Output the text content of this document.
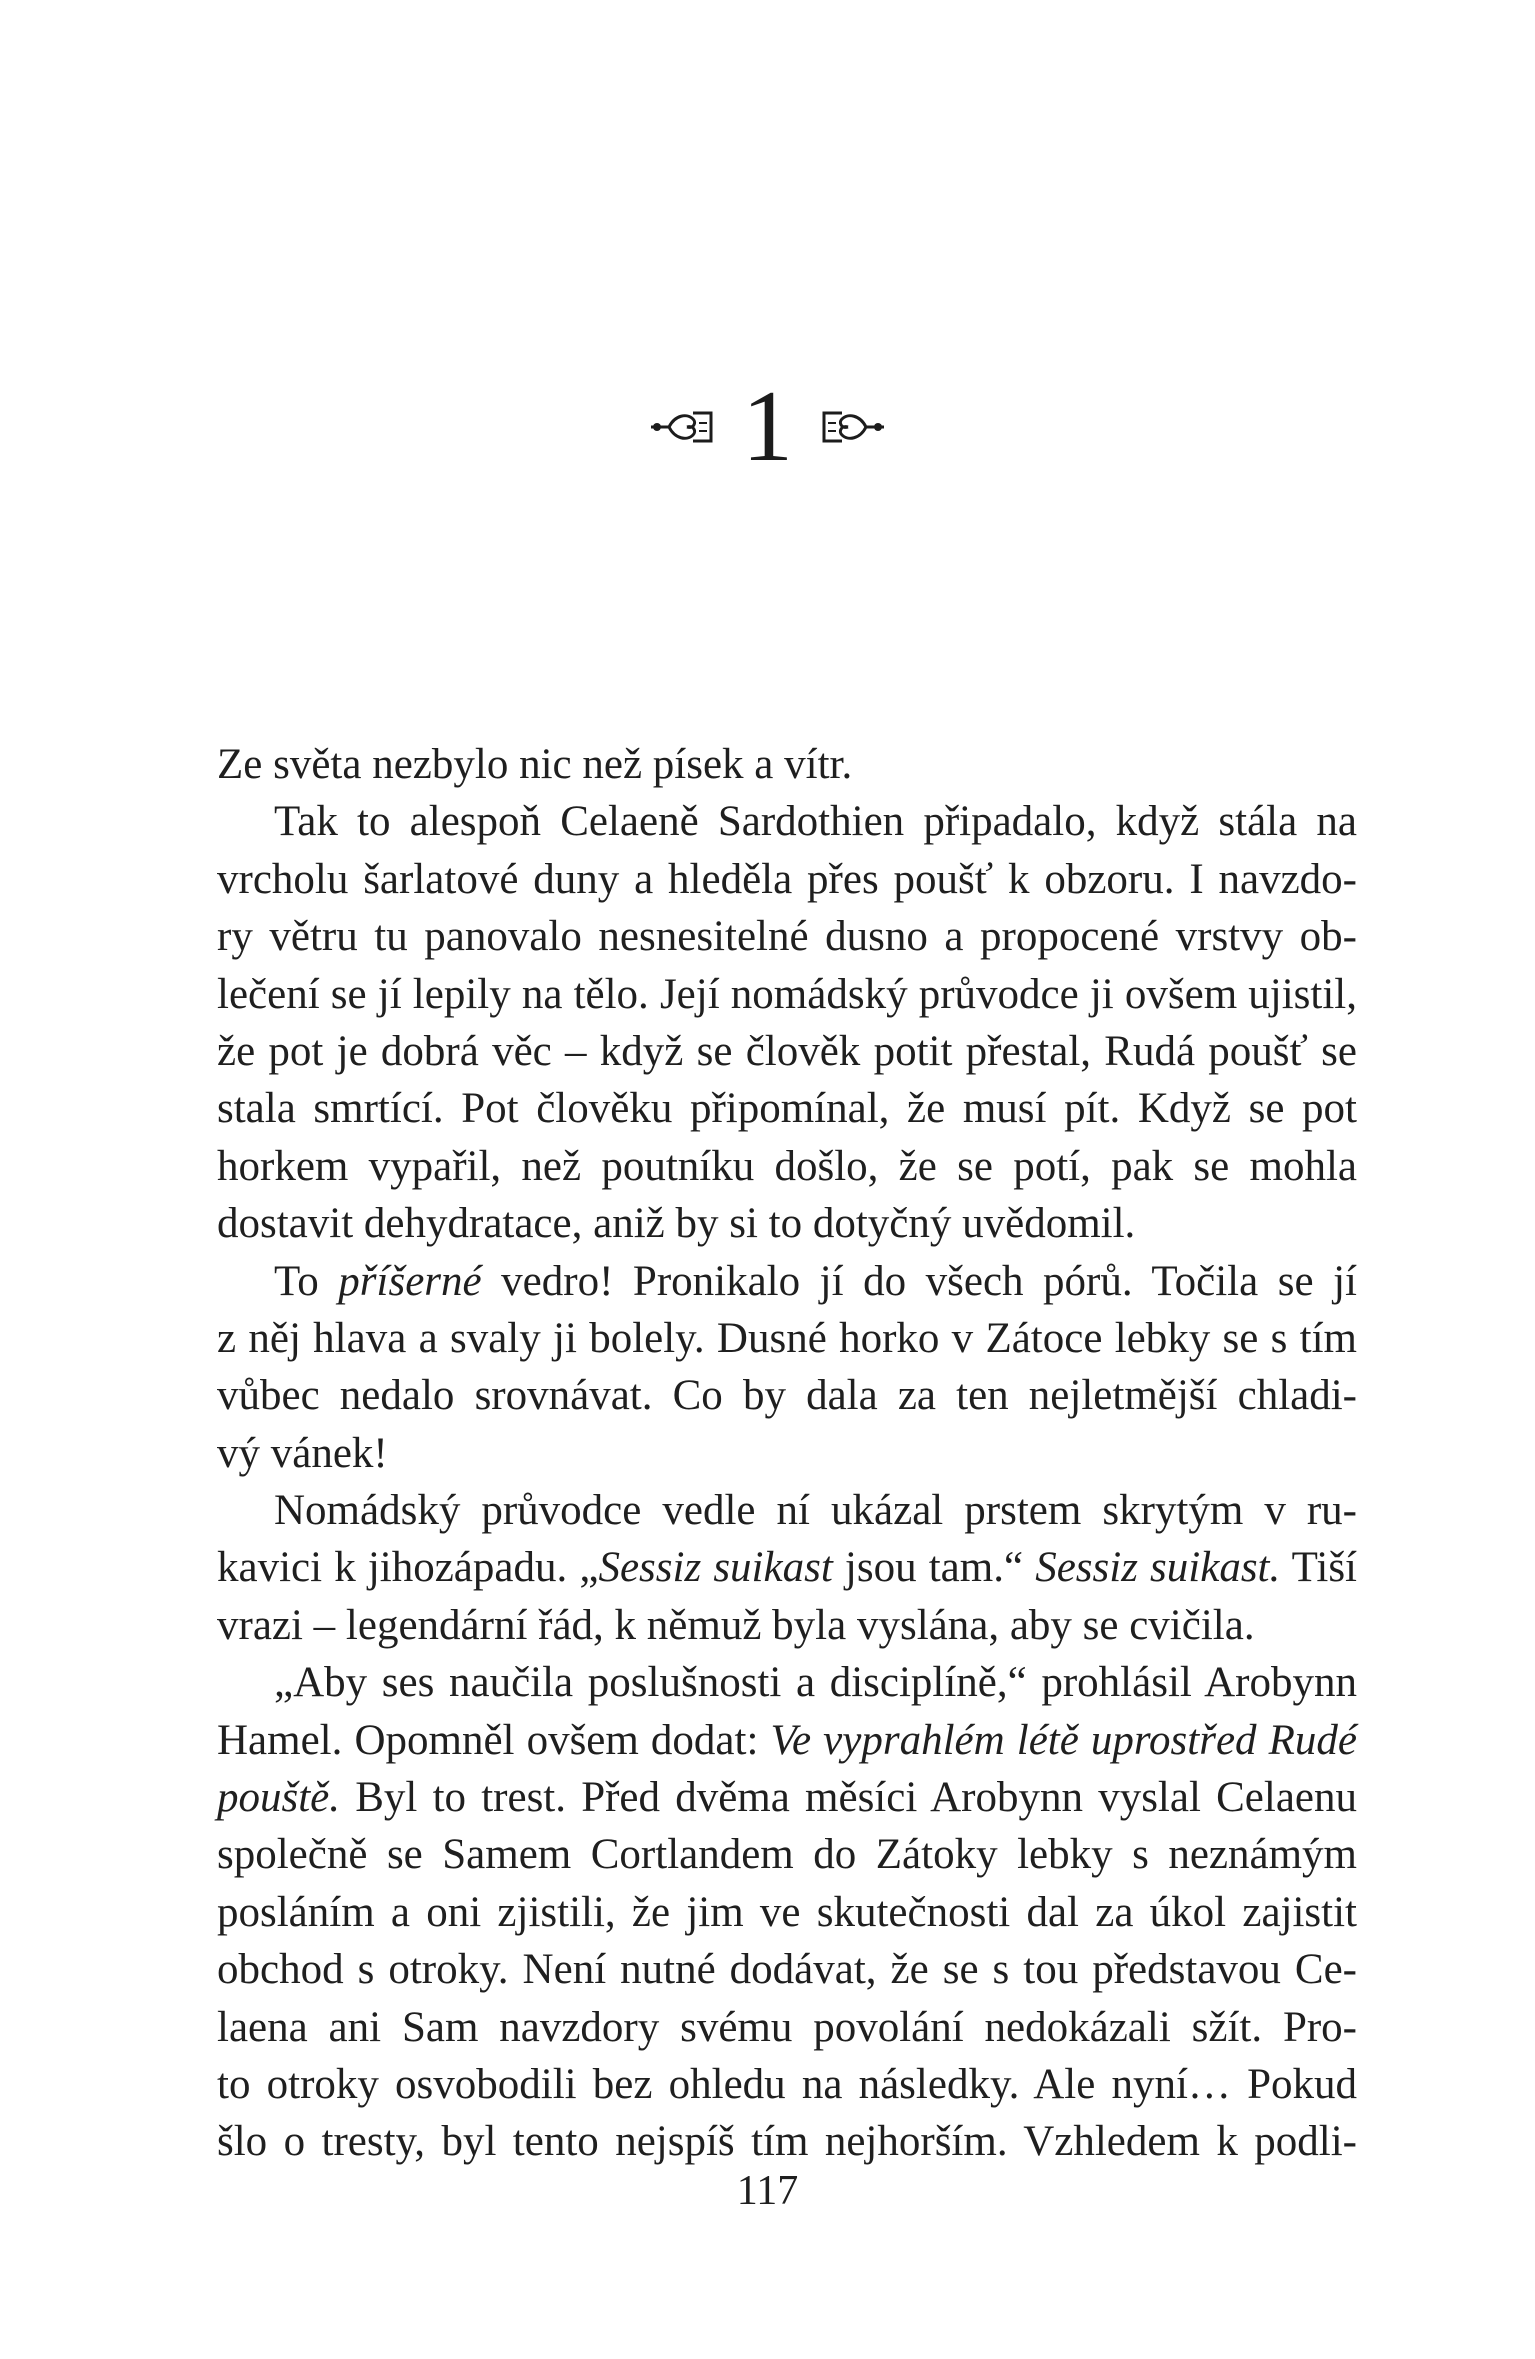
1
Ze světa nezbylo nic než písek a vítr.
Tak to alespoň Celaeně Sardothien připadalo, když stála na
vrcholu šarlatové duny a hleděla přes poušť k obzoru. I navzdo-
ry větru tu panovalo nesnesitelné dusno a propocené vrstvy ob-
lečení se jí lepily na tělo. Její nomádský průvodce ji ovšem ujistil,
že pot je dobrá věc – když se člověk potit přestal, Rudá poušť se
stala smrtící. Pot člověku připomínal, že musí pít. Když se pot
horkem vypařil, než poutníku došlo, že se potí, pak se mohla
dostavit dehydratace, aniž by si to dotyčný uvědomil.
To příšerné vedro! Pronikalo jí do všech pórů. Točila se jí
z něj hlava a svaly ji bolely. Dusné horko v Zátoce lebky se s tím
vůbec nedalo srovnávat. Co by dala za ten nejletmější chladi-
vý vánek!
Nomádský průvodce vedle ní ukázal prstem skrytým v ru-
kavici k jihozápadu. „Sessiz suikast jsou tam.“ Sessiz suikast. Tiší
vrazi – legendární řád, k němuž byla vyslána, aby se cvičila.
„Aby ses naučila poslušnosti a disciplíně,“ prohlásil Arobynn
Hamel. Opomněl ovšem dodat: Ve vyprahlém létě uprostřed Rudé
pouště. Byl to trest. Před dvěma měsíci Arobynn vyslal Celaenu
společně se Samem Cortlandem do Zátoky lebky s neznámým
posláním a oni zjistili, že jim ve skutečnosti dal za úkol zajistit
obchod s otroky. Není nutné dodávat, že se s tou představou Ce-
laena ani Sam navzdory svému povolání nedokázali sžít. Pro-
to otroky osvobodili bez ohledu na následky. Ale nyní… Pokud
šlo o tresty, byl tento nejspíš tím nejhorším. Vzhledem k podli-
117
